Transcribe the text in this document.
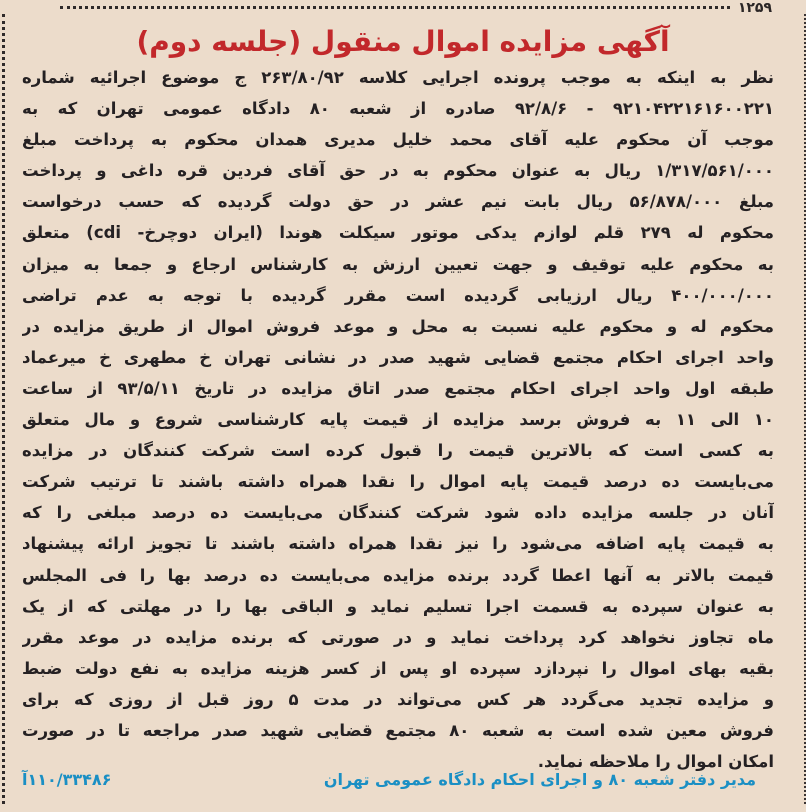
۱۲۵۹
آگهی مزایده اموال منقول (جلسه دوم)
نظر به اینکه به موجب پرونده اجرایی کلاسه ۲۶۳/۸۰/۹۲ ج موضوع اجرائیه شماره
۹۲۱۰۴۲۲۱۶۱۶۰۰۲۲۱ - ۹۲/۸/۶ صادره از شعبه ۸۰ دادگاه عمومی تهران که به
موجب آن محکوم علیه آقای محمد خلیل مدیری همدان محکوم به پرداخت مبلغ
۱/۳۱۷/۵۶۱/۰۰۰ ریال به عنوان محکوم به در حق آقای فردین قره داغی و پرداخت
مبلغ ۵۶/۸۷۸/۰۰۰ ریال بابت نیم عشر در حق دولت گردیده که حسب درخواست
محکوم له ۲۷۹ قلم لوازم یدکی موتور سیکلت هوندا (ایران دوچرخ- cdi) متعلق
به محکوم علیه توقیف و جهت تعیین ارزش به کارشناس ارجاع و جمعا به میزان
۴۰۰/۰۰۰/۰۰۰ ریال ارزیابی گردیده است مقرر گردیده با توجه به عدم تراضی
محکوم له و محکوم علیه نسبت به محل و موعد فروش اموال از طریق مزایده در
واحد اجرای احکام مجتمع قضایی شهید صدر در نشانی تهران خ مطهری خ میرعماد
طبقه اول واحد اجرای احکام مجتمع صدر اتاق مزایده در تاریخ ۹۳/۵/۱۱ از ساعت
۱۰ الی ۱۱ به فروش برسد مزایده از قیمت پایه کارشناسی شروع و مال متعلق
به کسی است که بالاترین قیمت را قبول کرده است شرکت کنندگان در مزایده
می‌بایست ده درصد قیمت پایه اموال را نقدا همراه داشته باشند تا ترتیب شرکت
آنان در جلسه مزایده داده شود شرکت کنندگان می‌بایست ده درصد مبلغی را که
به قیمت پایه اضافه می‌شود را نیز نقدا همراه داشته باشند تا تجویز ارائه پیشنهاد
قیمت بالاتر به آنها اعطا گردد برنده مزایده می‌بایست ده درصد بها را فی المجلس
به عنوان سپرده به قسمت اجرا تسلیم نماید و الباقی بها را در مهلتی که از یک
ماه تجاوز نخواهد کرد پرداخت نماید و در صورتی که برنده مزایده در موعد مقرر
بقیه بهای اموال را نپردازد سپرده او پس از کسر هزینه مزایده به نفع دولت ضبط
و مزایده تجدید می‌گردد هر کس می‌تواند در مدت ۵ روز قبل از روزی که برای
فروش معین شده است به شعبه ۸۰ مجتمع قضایی شهید صدر مراجعه تا در صورت
امکان اموال را ملاحظه نماید.
مدیر دفتر شعبه ۸۰ و اجرای احکام دادگاه عمومی تهران
۱۱۰/۳۳۴۸۶آ
